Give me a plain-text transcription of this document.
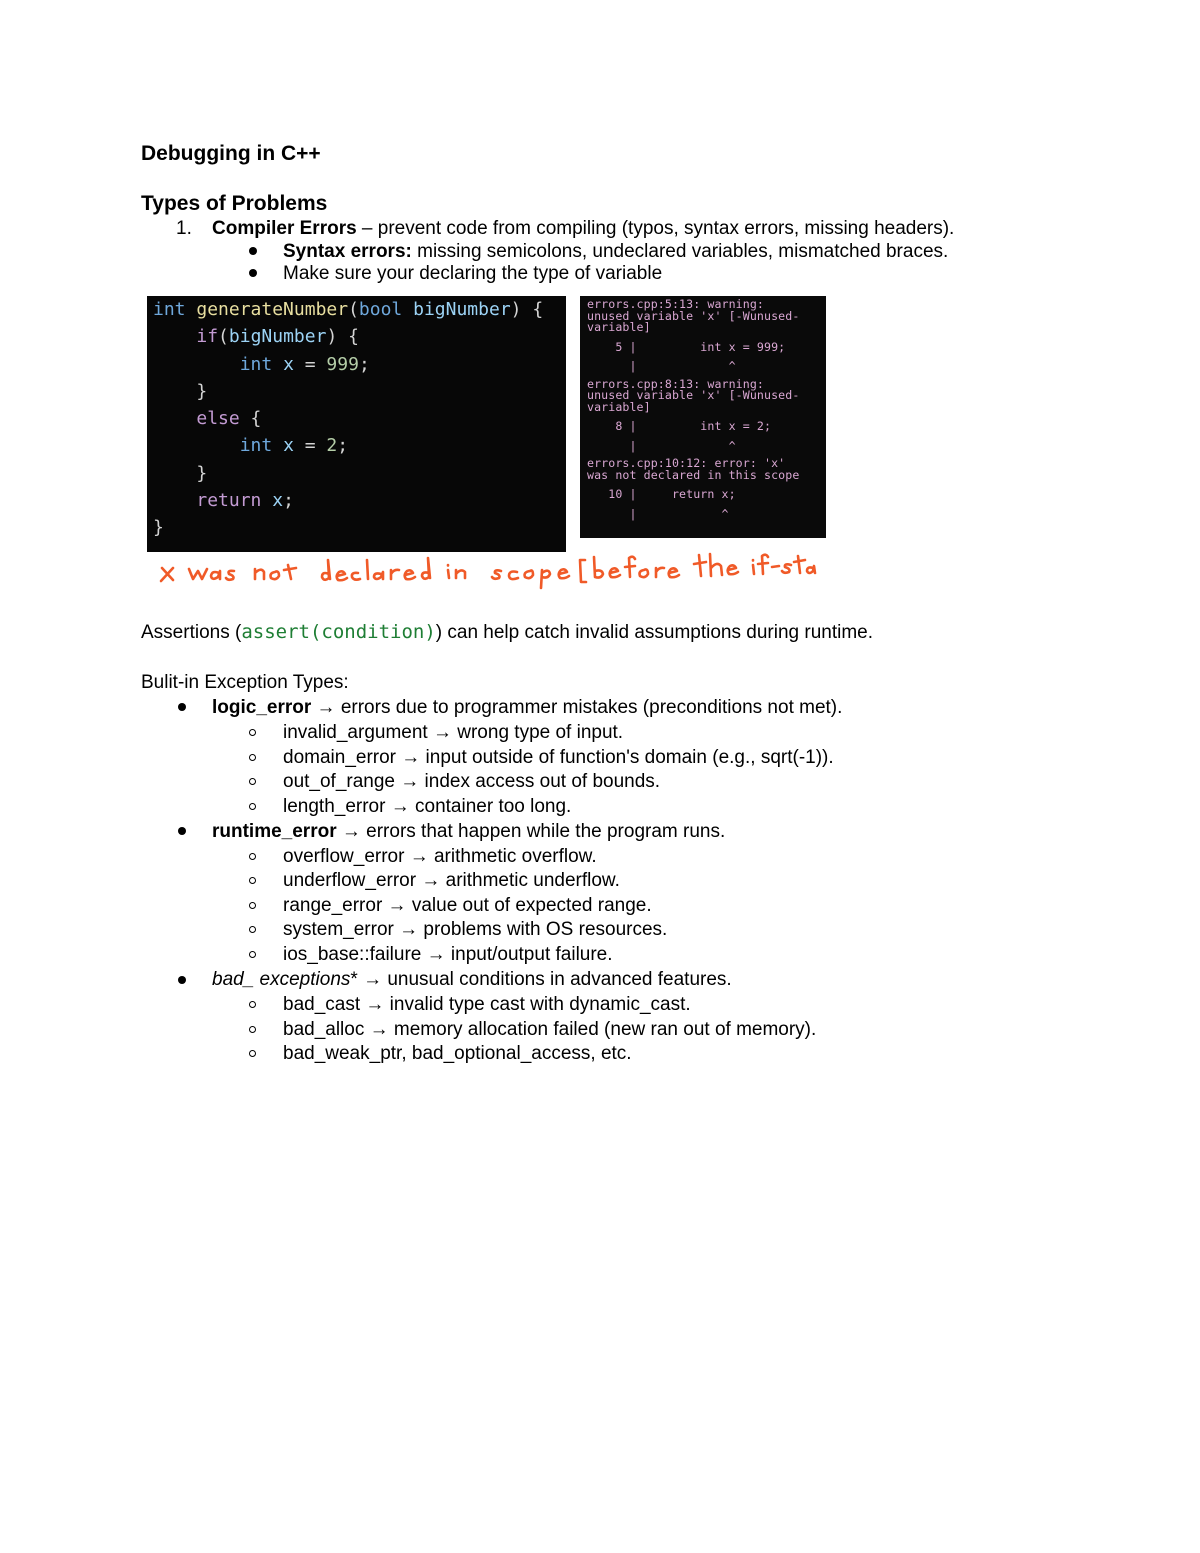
Debugging in C++
Types of Problems
1. Compiler Errors – prevent code from compiling (typos, syntax errors, missing headers).
Syntax errors: missing semicolons, undeclared variables, mismatched braces.
Make sure your declaring the type of variable
int generateNumber(bool bigNumber) {
if(bigNumber) {
int x = 999;
}
else {
int x = 2;
}
return x;
}
errors.cpp:5:13: warning:
unused variable 'x' [-Wunused-
variable]
5 |         int x = 999;
|             ^
errors.cpp:8:13: warning:
unused variable 'x' [-Wunused-
variable]
8 |         int x = 2;
|             ^
errors.cpp:10:12: error: 'x'
was not declared in this scope
10 |     return x;
|            ^
Assertions (assert(condition)) can help catch invalid assumptions during runtime.
Bulit-in Exception Types:
logic_error → errors due to programmer mistakes (preconditions not met).
invalid_argument → wrong type of input.
domain_error → input outside of function's domain (e.g., sqrt(-1)).
out_of_range → index access out of bounds.
length_error → container too long.
runtime_error → errors that happen while the program runs.
overflow_error → arithmetic overflow.
underflow_error → arithmetic underflow.
range_error → value out of expected range.
system_error → problems with OS resources.
ios_base::failure → input/output failure.
bad_ exceptions* → unusual conditions in advanced features.
bad_cast → invalid type cast with dynamic_cast.
bad_alloc → memory allocation failed (new ran out of memory).
bad_weak_ptr, bad_optional_access, etc.
